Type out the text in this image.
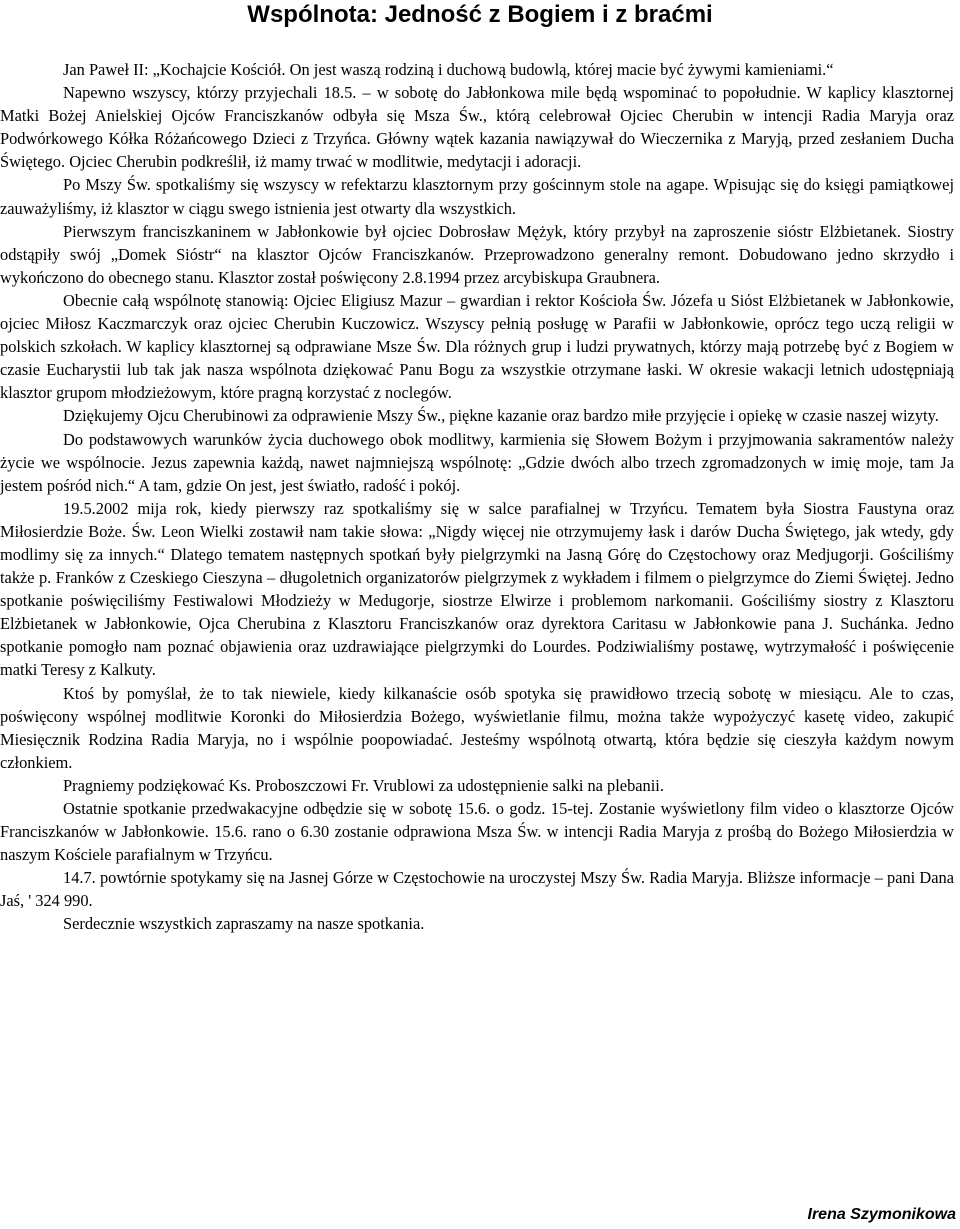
Wspólnota: Jedność z Bogiem i z braćmi

Jan Paweł II: „Kochajcie Kościół. On jest waszą rodziną i duchową budowlą, której macie być żywymi kamieniami.“

Napewno wszyscy, którzy przyjechali 18.5. – w sobotę do Jabłonkowa mile będą wspominać to popołudnie. W kaplicy klasztornej Matki Bożej Anielskiej Ojców Franciszkanów odbyła się Msza Św., którą celebrował Ojciec Cherubin w intencji Radia Maryja oraz Podwórkowego Kółka Różańcowego Dzieci z Trzyńca. Główny wątek kazania nawiązywał do Wieczernika z Maryją, przed zesłaniem Ducha Świętego. Ojciec Cherubin podkreślił, iż mamy trwać w modlitwie, medytacji i adoracji.

Po Mszy Św. spotkaliśmy się wszyscy w refektarzu klasztornym przy gościnnym stole na agape. Wpisując się do księgi pamiątkowej zauważyliśmy, iż klasztor w ciągu swego istnienia jest otwarty dla wszystkich.

Pierwszym franciszkaninem w Jabłonkowie był ojciec Dobrosław Mężyk, który przybył na zaproszenie sióstr Elżbietanek. Siostry odstąpiły swój „Domek Sióstr“ na klasztor Ojców Franciszkanów. Przeprowadzono generalny remont. Dobudowano jedno skrzydło i wykończono do obecnego stanu. Klasztor został poświęcony 2.8.1994 przez arcybiskupa Graubnera.

Obecnie całą wspólnotę stanowią: Ojciec Eligiusz Mazur – gwardian i rektor Kościoła Św. Józefa u Siόst Elżbietanek w Jabłonkowie, ojciec Miłosz Kaczmarczyk oraz ojciec Cherubin Kuczowicz. Wszyscy pełnią posługę w Parafii w Jabłonkowie, oprócz tego uczą religii w polskich szkołach. W kaplicy klasztornej są odprawiane Msze Św. Dla różnych grup i ludzi prywatnych, którzy mają potrzebę być z Bogiem w czasie Eucharystii lub tak jak nasza wspólnota dziękować Panu Bogu za wszystkie otrzymane łaski. W okresie wakacji letnich udostępniają klasztor grupom młodzieżowym, które pragną korzystać z noclegów.

Dziękujemy Ojcu Cherubinowi za odprawienie Mszy Św., piękne kazanie oraz bardzo miłe przyjęcie i opiekę w czasie naszej wizyty.

Do podstawowych warunków życia duchowego obok modlitwy, karmienia się Słowem Bożym i przyjmowania sakramentów należy życie we wspólnocie. Jezus zapewnia każdą, nawet najmniejszą wspólnotę: „Gdzie dwóch albo trzech zgromadzonych w imię moje, tam Ja jestem pośród nich.“ A tam, gdzie On jest, jest światło, radość i pokój.

19.5.2002 mija rok, kiedy pierwszy raz spotkaliśmy się w salce parafialnej w Trzyńcu. Tematem była Siostra Faustyna oraz Miłosierdzie Boże. Św. Leon Wielki zostawił nam takie słowa: „Nigdy więcej nie otrzymujemy łask i darów Ducha Świętego, jak wtedy, gdy modlimy się za innych.“ Dlatego tematem następnych spotkań były pielgrzymki na Jasną Górę do Częstochowy oraz Medjugorji. Gościliśmy także p. Franków z Czeskiego Cieszyna – długoletnich organizatorów pielgrzymek z wykładem i filmem o pielgrzymce do Ziemi Świętej. Jedno spotkanie poświęciliśmy Festiwalowi Młodzieży w Medugorje, siostrze Elwirze i problemom narkomanii. Gościliśmy siostry z Klasztoru Elżbietanek w Jabłonkowie, Ojca Cherubina z Klasztoru Franciszkanów oraz dyrektora Caritasu w Jabłonkowie pana J. Suchánka. Jedno spotkanie pomogło nam poznać objawienia oraz uzdrawiające pielgrzymki do Lourdes. Podziwialiśmy postawę, wytrzymałość i poświęcenie matki Teresy z Kalkuty.

Ktoś by pomyślał, że to tak niewiele, kiedy kilkanaście osób spotyka się prawidłowo trzecią sobotę w miesiącu. Ale to czas, poświęcony wspólnej modlitwie Koronki do Miłosierdzia Bożego, wyświetlanie filmu, można także wypożyczyć kasetę video, zakupić Miesięcznik Rodzina Radia Maryja, no i wspólnie poopowiadać. Jesteśmy wspólnotą otwartą, która będzie się cieszyła każdym nowym członkiem.

Pragniemy podziękować Ks. Proboszczowi Fr. Vrublowi za udostępnienie salki na plebanii.

Ostatnie spotkanie przedwakacyjne odbędzie się w sobotę 15.6. o godz. 15-tej. Zostanie wyświetlony film video o klasztorze Ojców Franciszkanów w Jabłonkowie. 15.6. rano o 6.30 zostanie odprawiona Msza Św. w intencji Radia Maryja z prośbą do Bożego Miłosierdzia w naszym Kościele parafialnym w Trzyńcu.

14.7. powtórnie spotykamy się na Jasnej Górze w Częstochowie na uroczystej Mszy Św. Radia Maryja. Bliższe informacje – pani Dana Jaś, ' 324 990.

Serdecznie wszystkich zapraszamy na nasze spotkania.

Irena Szymonikowa
